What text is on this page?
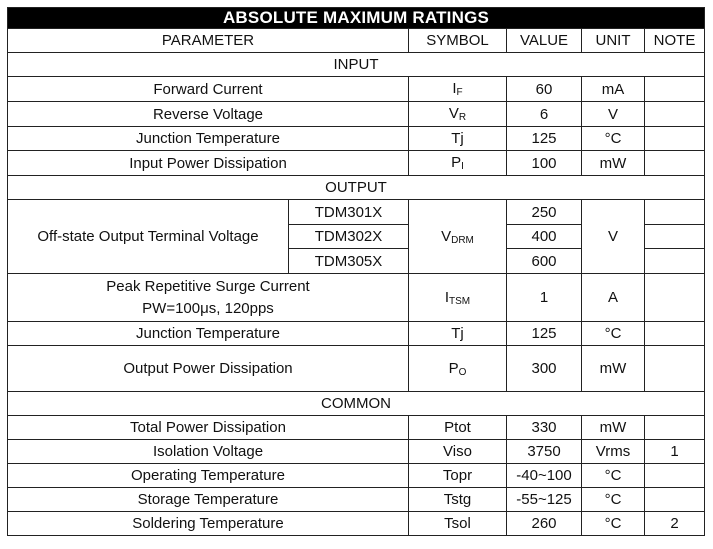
ABSOLUTE MAXIMUM RATINGS					
PARAMETER		SYMBOL	VALUE	UNIT	NOTE
INPUT					
Forward Current		$I_F$	60	mA	
Reverse Voltage		$V_R$	6	V	
Junction Temperature		Tj	125	°C	
Input Power Dissipation		$P_I$	100	mW	
OUTPUT					
Off-state Output Terminal Voltage	TDM301X	$V_{DRM}$	250	V	
	TDM302X		400		
	TDM305X		600		

Peak Repetitive Surge Current
PW=100μs, 120pps		$I_{TSM}$	1	A	
Junction Temperature		Tj	125	°C	
Output Power Dissipation		$P_O$	300	mW	
COMMON					
Total Power Dissipation		Ptot	330	mW	
Isolation Voltage		Viso	3750	Vrms	1
Operating Temperature		Topr	-40~100	°C	
Storage Temperature		Tstg	-55~125	°C	
Soldering Temperature		Tsol	260	°C	2
